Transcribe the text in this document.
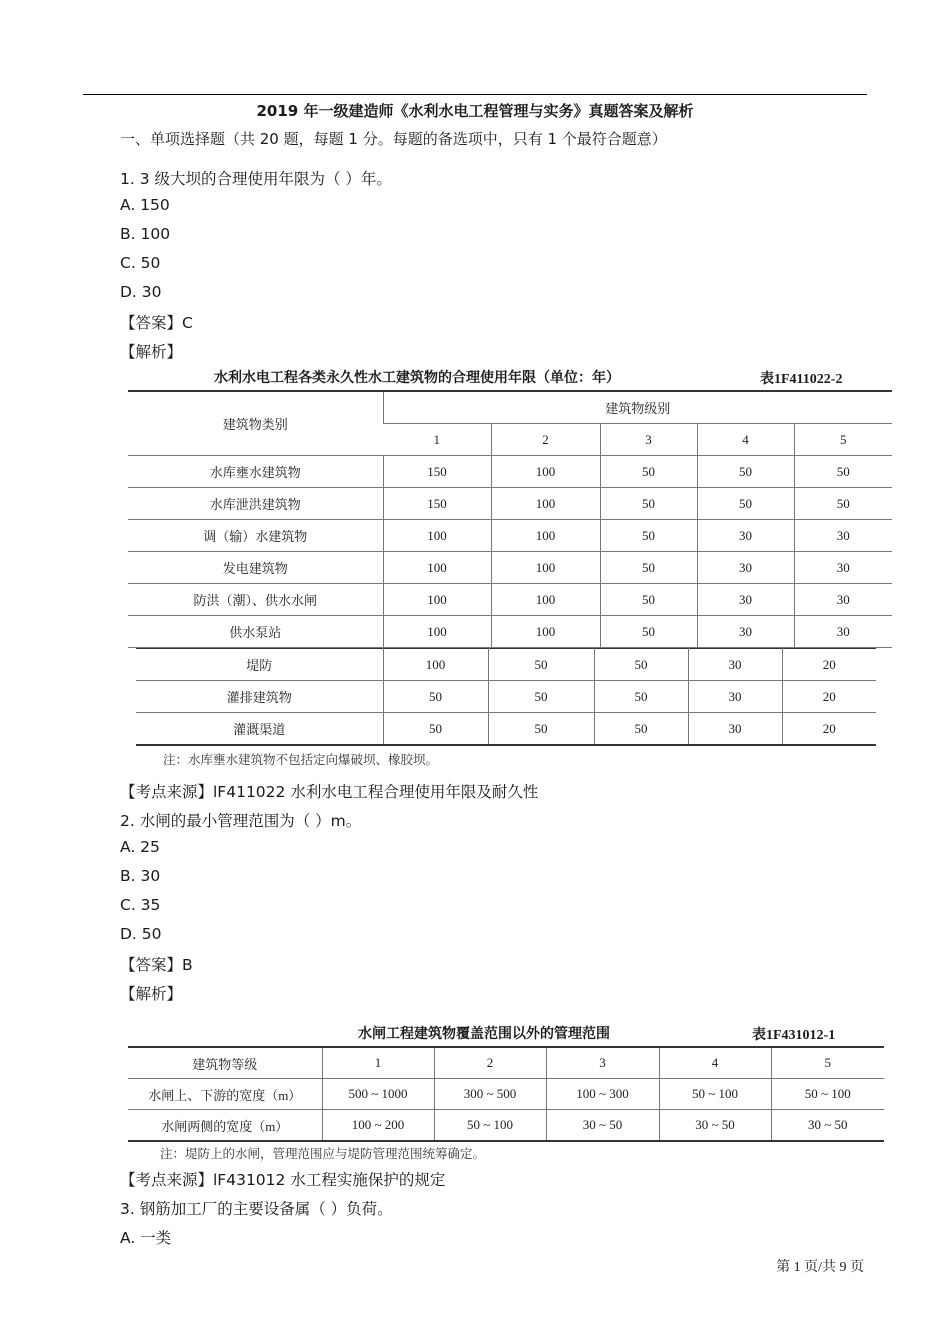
2019 年一级建造师《水利水电工程管理与实务》真题答案及解析
一、单项选择题（共 20 题，每题 1 分。每题的备选项中，只有 1 个最符合题意）
1. 3 级大坝的合理使用年限为（ ）年。
A. 150
B. 100
C. 50
D. 30
【答案】C
【解析】
水利水电工程各类永久性水工建筑物的合理使用年限（单位：年）	表1F411022-2
建筑物类别	建筑物级别				
	1	2	3	4	5
水库壅水建筑物	150	100	50	50	50
水库泄洪建筑物	150	100	50	50	50
调（输）水建筑物	100	100	50	30	30
发电建筑物	100	100	50	30	30
防洪（潮）、供水水闸	100	100	50	30	30
供水泵站	100	100	50	30	30
堤防	100	50	50	30	20
灌排建筑物	50	50	50	30	20
灌溉渠道	50	50	50	30	20
注：水库壅水建筑物不包括定向爆破坝、橡胶坝。
【考点来源】lF411022 水利水电工程合理使用年限及耐久性
2. 水闸的最小管理范围为（ ）m。
A. 25
B. 30
C. 35
D. 50
【答案】B
【解析】
水闸工程建筑物覆盖范围以外的管理范围	表1F431012-1
建筑物等级	1	2	3	4	5
水闸上、下游的宽度（m）	500 ~ 1000	300 ~ 500	100 ~ 300	50 ~ 100	50 ~ 100
水闸两侧的宽度（m）	100 ~ 200	50 ~ 100	30 ~ 50	30 ~ 50	30 ~ 50
注：堤防上的水闸，管理范围应与堤防管理范围统筹确定。
【考点来源】lF431012 水工程实施保护的规定
3. 钢筋加工厂的主要设备属（ ）负荷。
A. 一类
第 1 页/共 9 页
